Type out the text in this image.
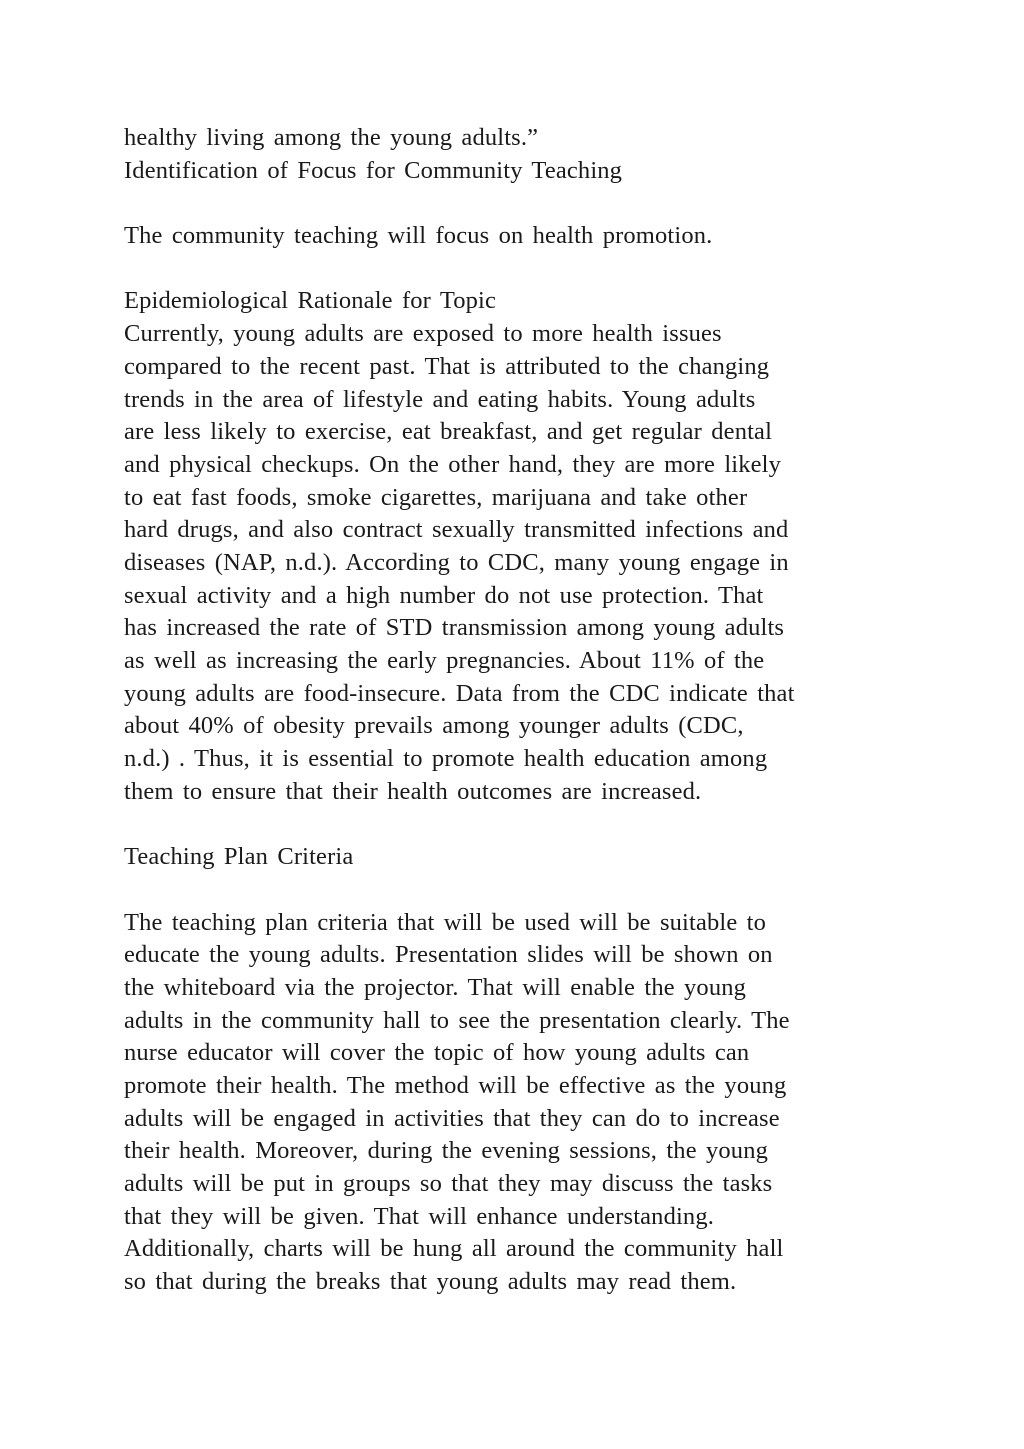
healthy living among the young adults.”
Identification of Focus for Community Teaching
The community teaching will focus on health promotion.
Epidemiological Rationale for Topic
Currently, young adults are exposed to more health issues
compared to the recent past. That is attributed to the changing
trends in the area of lifestyle and eating habits. Young adults
are less likely to exercise, eat breakfast, and get regular dental
and physical checkups. On the other hand, they are more likely
to eat fast foods, smoke cigarettes, marijuana and take other
hard drugs, and also contract sexually transmitted infections and
diseases (NAP, n.d.). According to CDC, many young engage in
sexual activity and a high number do not use protection. That
has increased the rate of STD transmission among young adults
as well as increasing the early pregnancies. About 11% of the
young adults are food-insecure. Data from the CDC indicate that
about 40% of obesity prevails among younger adults (CDC,
n.d.) . Thus, it is essential to promote health education among
them to ensure that their health outcomes are increased.
Teaching Plan Criteria
The teaching plan criteria that will be used will be suitable to
educate the young adults. Presentation slides will be shown on
the whiteboard via the projector. That will enable the young
adults in the community hall to see the presentation clearly. The
nurse educator will cover the topic of how young adults can
promote their health. The method will be effective as the young
adults will be engaged in activities that they can do to increase
their health. Moreover, during the evening sessions, the young
adults will be put in groups so that they may discuss the tasks
that they will be given. That will enhance understanding.
Additionally, charts will be hung all around the community hall
so that during the breaks that young adults may read them.
